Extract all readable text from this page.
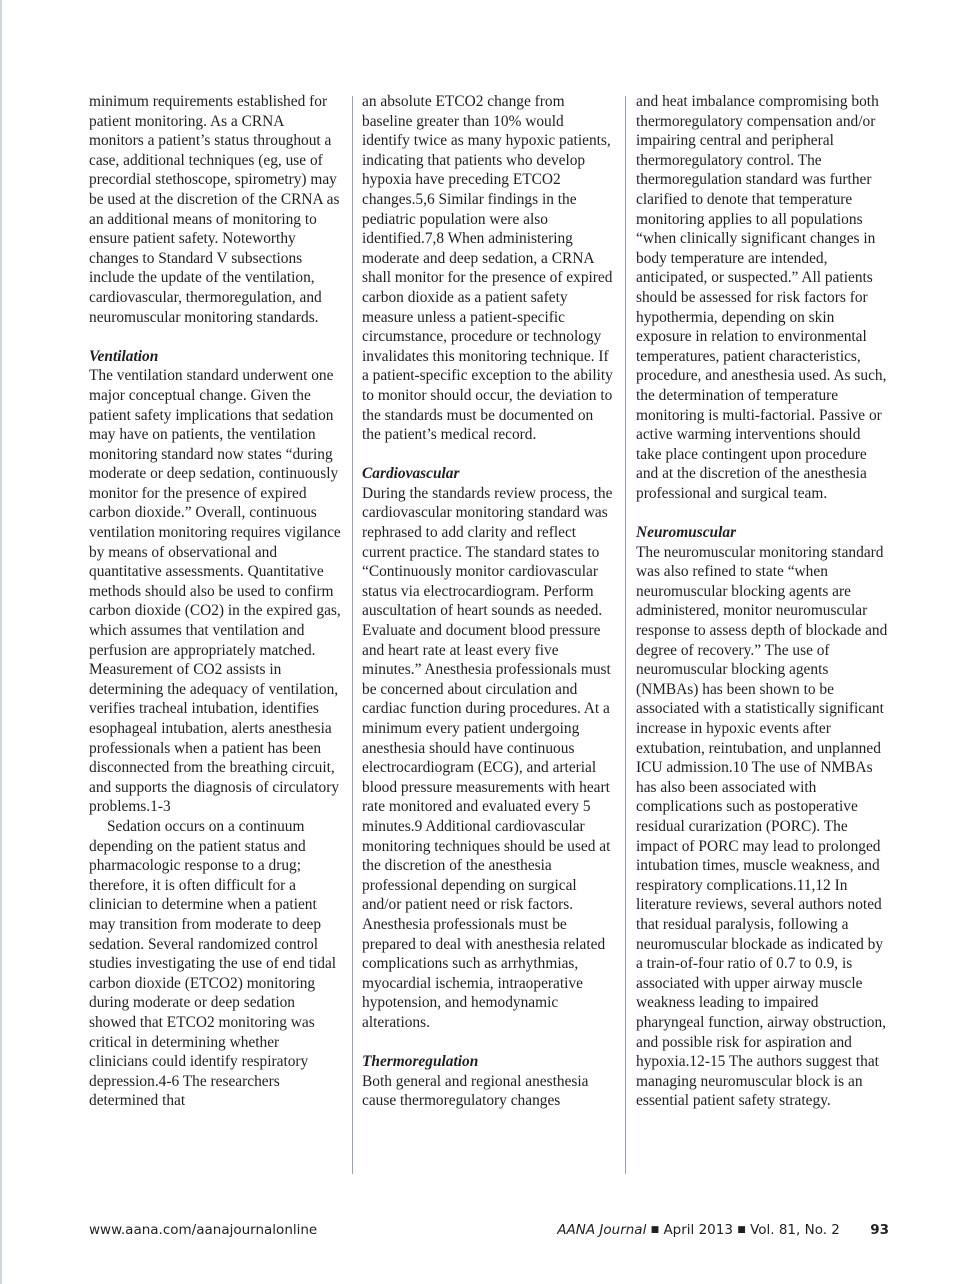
minimum requirements established for patient monitoring. As a CRNA monitors a patient’s status throughout a case, additional techniques (eg, use of precordial stethoscope, spirometry) may be used at the discretion of the CRNA as an additional means of monitoring to ensure patient safety. Noteworthy changes to Standard V subsections include the update of the ventilation, cardiovascular, thermoregulation, and neuromuscular monitoring standards.

Ventilation

The ventilation standard underwent one major conceptual change. Given the patient safety implications that sedation may have on patients, the ventilation monitoring standard now states “during moderate or deep sedation, continuously monitor for the presence of expired carbon dioxide.” Overall, continuous ventilation monitoring requires vigilance by means of observational and quantitative assessments. Quantitative methods should also be used to confirm carbon dioxide (CO2) in the expired gas, which assumes that ventilation and perfusion are appropriately matched. Measurement of CO2 assists in determining the adequacy of ventilation, verifies tracheal intubation, identifies esophageal intubation, alerts anesthesia professionals when a patient has been disconnected from the breathing circuit, and supports the diagnosis of circulatory problems.1-3

Sedation occurs on a continuum depending on the patient status and pharmacologic response to a drug; therefore, it is often difficult for a clinician to determine when a patient may transition from moderate to deep sedation. Several randomized control studies investigating the use of end tidal carbon dioxide (ETCO2) monitoring during moderate or deep sedation showed that ETCO2 monitoring was critical in determining whether clinicians could identify respiratory depression.4-6 The researchers determined that

an absolute ETCO2 change from baseline greater than 10% would identify twice as many hypoxic patients, indicating that patients who develop hypoxia have preceding ETCO2 changes.5,6 Similar findings in the pediatric population were also identified.7,8 When administering moderate and deep sedation, a CRNA shall monitor for the presence of expired carbon dioxide as a patient safety measure unless a patient-specific circumstance, procedure or technology invalidates this monitoring technique. If a patient-specific exception to the ability to monitor should occur, the deviation to the standards must be documented on the patient’s medical record.

Cardiovascular

During the standards review process, the cardiovascular monitoring standard was rephrased to add clarity and reflect current practice. The standard states to “Continuously monitor cardiovascular status via electrocardiogram. Perform auscultation of heart sounds as needed. Evaluate and document blood pressure and heart rate at least every five minutes.” Anesthesia professionals must be concerned about circulation and cardiac function during procedures. At a minimum every patient undergoing anesthesia should have continuous electrocardiogram (ECG), and arterial blood pressure measurements with heart rate monitored and evaluated every 5 minutes.9 Additional cardiovascular monitoring techniques should be used at the discretion of the anesthesia professional depending on surgical and/or patient need or risk factors. Anesthesia professionals must be prepared to deal with anesthesia related complications such as arrhythmias, myocardial ischemia, intraoperative hypotension, and hemodynamic alterations.

Thermoregulation

Both general and regional anesthesia cause thermoregulatory changes

and heat imbalance compromising both thermoregulatory compensation and/or impairing central and peripheral thermoregulatory control. The thermoregulation standard was further clarified to denote that temperature monitoring applies to all populations “when clinically significant changes in body temperature are intended, anticipated, or suspected.” All patients should be assessed for risk factors for hypothermia, depending on skin exposure in relation to environmental temperatures, patient characteristics, procedure, and anesthesia used. As such, the determination of temperature monitoring is multi-factorial. Passive or active warming interventions should take place contingent upon procedure and at the discretion of the anesthesia professional and surgical team.

Neuromuscular

The neuromuscular monitoring standard was also refined to state “when neuromuscular blocking agents are administered, monitor neuromuscular response to assess depth of blockade and degree of recovery.” The use of neuromuscular blocking agents (NMBAs) has been shown to be associated with a statistically significant increase in hypoxic events after extubation, reintubation, and unplanned ICU admission.10 The use of NMBAs has also been associated with complications such as postoperative residual curarization (PORC). The impact of PORC may lead to prolonged intubation times, muscle weakness, and respiratory complications.11,12 In literature reviews, several authors noted that residual paralysis, following a neuromuscular blockade as indicated by a train-of-four ratio of 0.7 to 0.9, is associated with upper airway muscle weakness leading to impaired pharyngeal function, airway obstruction, and possible risk for aspiration and hypoxia.12-15 The authors suggest that managing neuromuscular block is an essential patient safety strategy.

www.aana.com/aanajournalonline	AANA Journal ■ April 2013 ■ Vol. 81, No. 2 93
